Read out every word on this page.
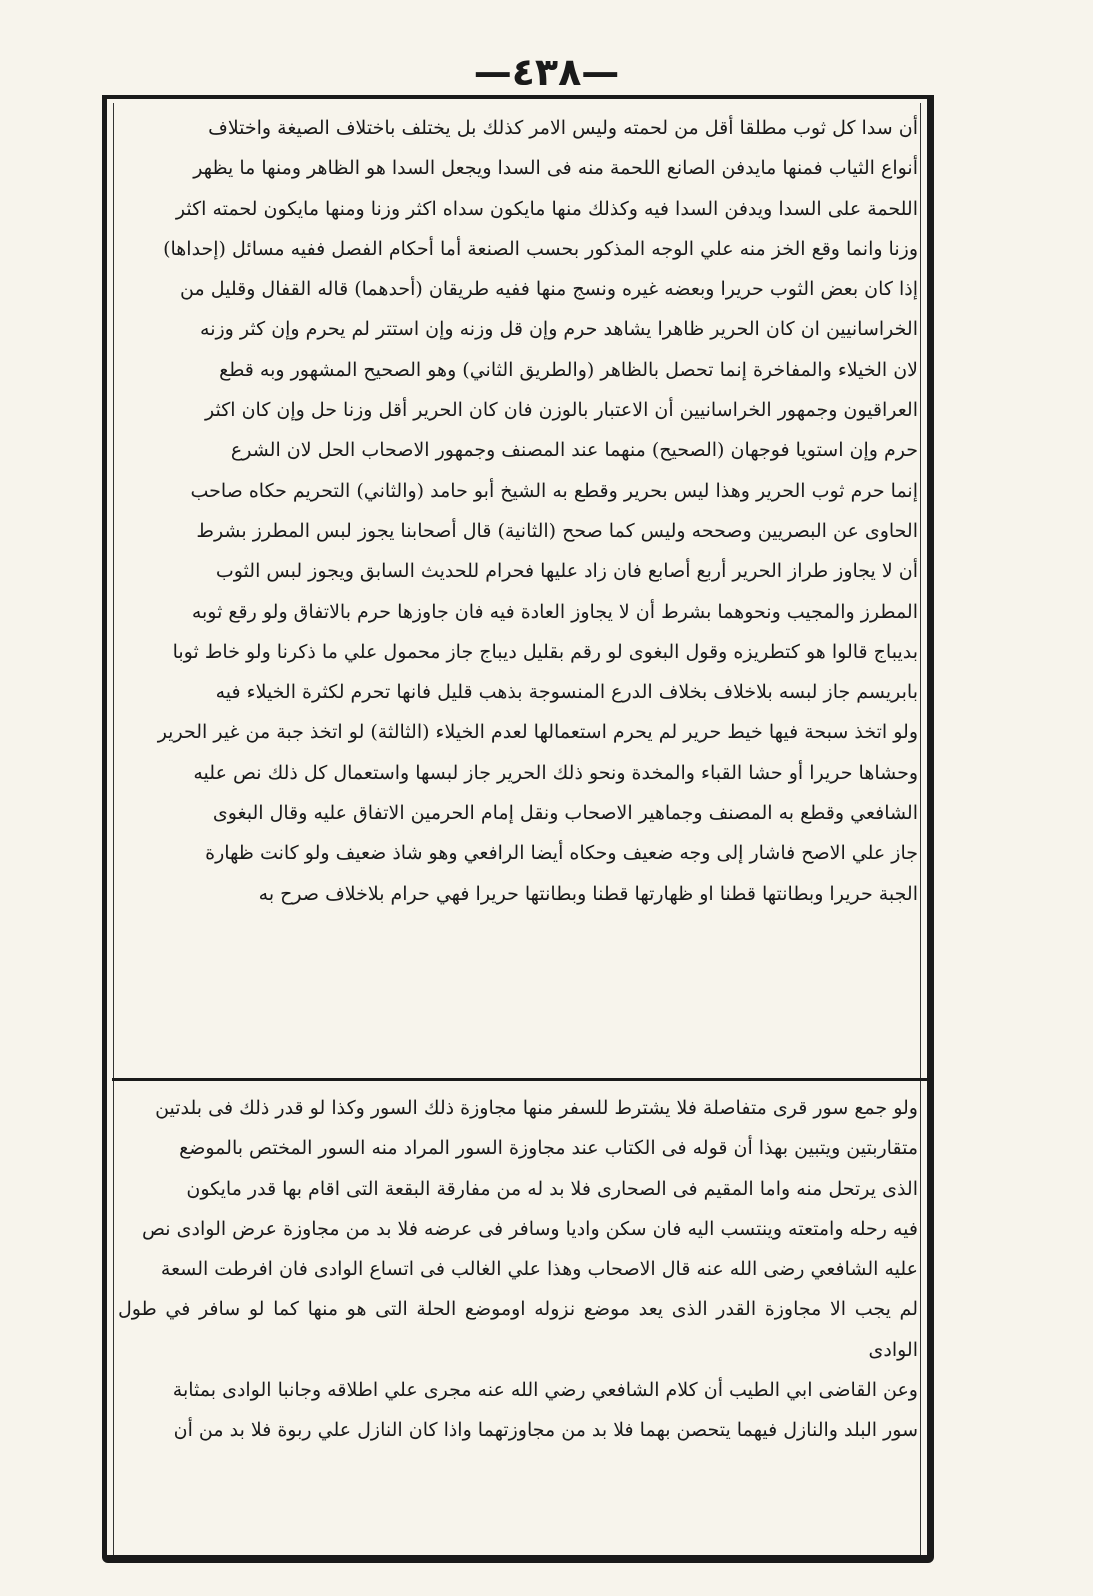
—٤٣٨—

أن سدا كل ثوب مطلقا أقل من لحمته وليس الامر كذلك بل يختلف باختلاف الصيغة واختلاف

أنواع الثياب فمنها مايدفن الصانع اللحمة منه فى السدا ويجعل السدا هو الظاهر ومنها ما يظهر

اللحمة على السدا ويدفن السدا فيه وكذلك منها مايكون سداه اكثر وزنا ومنها مايكون لحمته اكثر

وزنا وانما وقع الخز منه علي الوجه المذكور بحسب الصنعة أما أحكام الفصل ففيه مسائل (إحداها)

إذا كان بعض الثوب حريرا وبعضه غيره ونسج منها ففيه طريقان (أحدهما) قاله القفال وقليل من

الخراسانيين ان كان الحرير ظاهرا يشاهد حرم وإن قل وزنه وإن استتر لم يحرم وإن كثر وزنه

لان الخيلاء والمفاخرة إنما تحصل بالظاهر (والطريق الثاني) وهو الصحيح المشهور وبه قطع

العراقيون وجمهور الخراسانيين أن الاعتبار بالوزن فان كان الحرير أقل وزنا حل وإن كان اكثر

حرم وإن استويا فوجهان (الصحيح) منهما عند المصنف وجمهور الاصحاب الحل لان الشرع

إنما حرم ثوب الحرير وهذا ليس بحرير وقطع به الشيخ أبو حامد (والثاني) التحريم حكاه صاحب

الحاوى عن البصريين وصححه وليس كما صحح (الثانية) قال أصحابنا يجوز لبس المطرز بشرط

أن لا يجاوز طراز الحرير أربع أصابع فان زاد عليها فحرام للحديث السابق ويجوز لبس الثوب

المطرز والمجيب ونحوهما بشرط أن لا يجاوز العادة فيه فان جاوزها حرم بالاتفاق ولو رقع ثوبه

بديباج قالوا هو كتطريزه وقول البغوى لو رقم بقليل ديباج جاز محمول علي ما ذكرنا ولو خاط ثوبا

بابريسم جاز لبسه بلاخلاف بخلاف الدرع المنسوجة بذهب قليل فانها تحرم لكثرة الخيلاء فيه

ولو اتخذ سبحة فيها خيط حرير لم يحرم استعمالها لعدم الخيلاء (الثالثة) لو اتخذ جبة من غير الحرير

وحشاها حريرا أو حشا القباء والمخدة ونحو ذلك الحرير جاز لبسها واستعمال كل ذلك نص عليه

الشافعي وقطع به المصنف وجماهير الاصحاب ونقل إمام الحرمين الاتفاق عليه وقال البغوى

جاز علي الاصح فاشار إلى وجه ضعيف وحكاه أيضا الرافعي وهو شاذ ضعيف ولو كانت ظهارة

الجبة حريرا وبطانتها قطنا او ظهارتها قطنا وبطانتها حريرا فهي حرام بلاخلاف صرح به

ولو جمع سور قرى متفاصلة فلا يشترط للسفر منها مجاوزة ذلك السور وكذا لو قدر ذلك فى بلدتين

متقاربتين ويتبين بهذا أن قوله فى الكتاب عند مجاوزة السور المراد منه السور المختص بالموضع

الذى يرتحل منه واما المقيم فى الصحارى فلا بد له من مفارقة البقعة التى اقام بها قدر مايكون

فيه رحله وامتعته وينتسب اليه فان سكن واديا وسافر فى عرضه فلا بد من مجاوزة عرض الوادى نص

عليه الشافعي رضى الله عنه قال الاصحاب وهذا علي الغالب فى اتساع الوادى فان افرطت السعة

لم يجب الا مجاوزة القدر الذى يعد موضع نزوله اوموضع الحلة التى هو منها كما لو سافر في طول الوادى

وعن القاضى ابي الطيب أن كلام الشافعي رضي الله عنه مجرى علي اطلاقه وجانبا الوادى بمثابة

سور البلد والنازل فيهما يتحصن بهما فلا بد من مجاوزتهما واذا كان النازل علي ربوة فلا بد من أن
